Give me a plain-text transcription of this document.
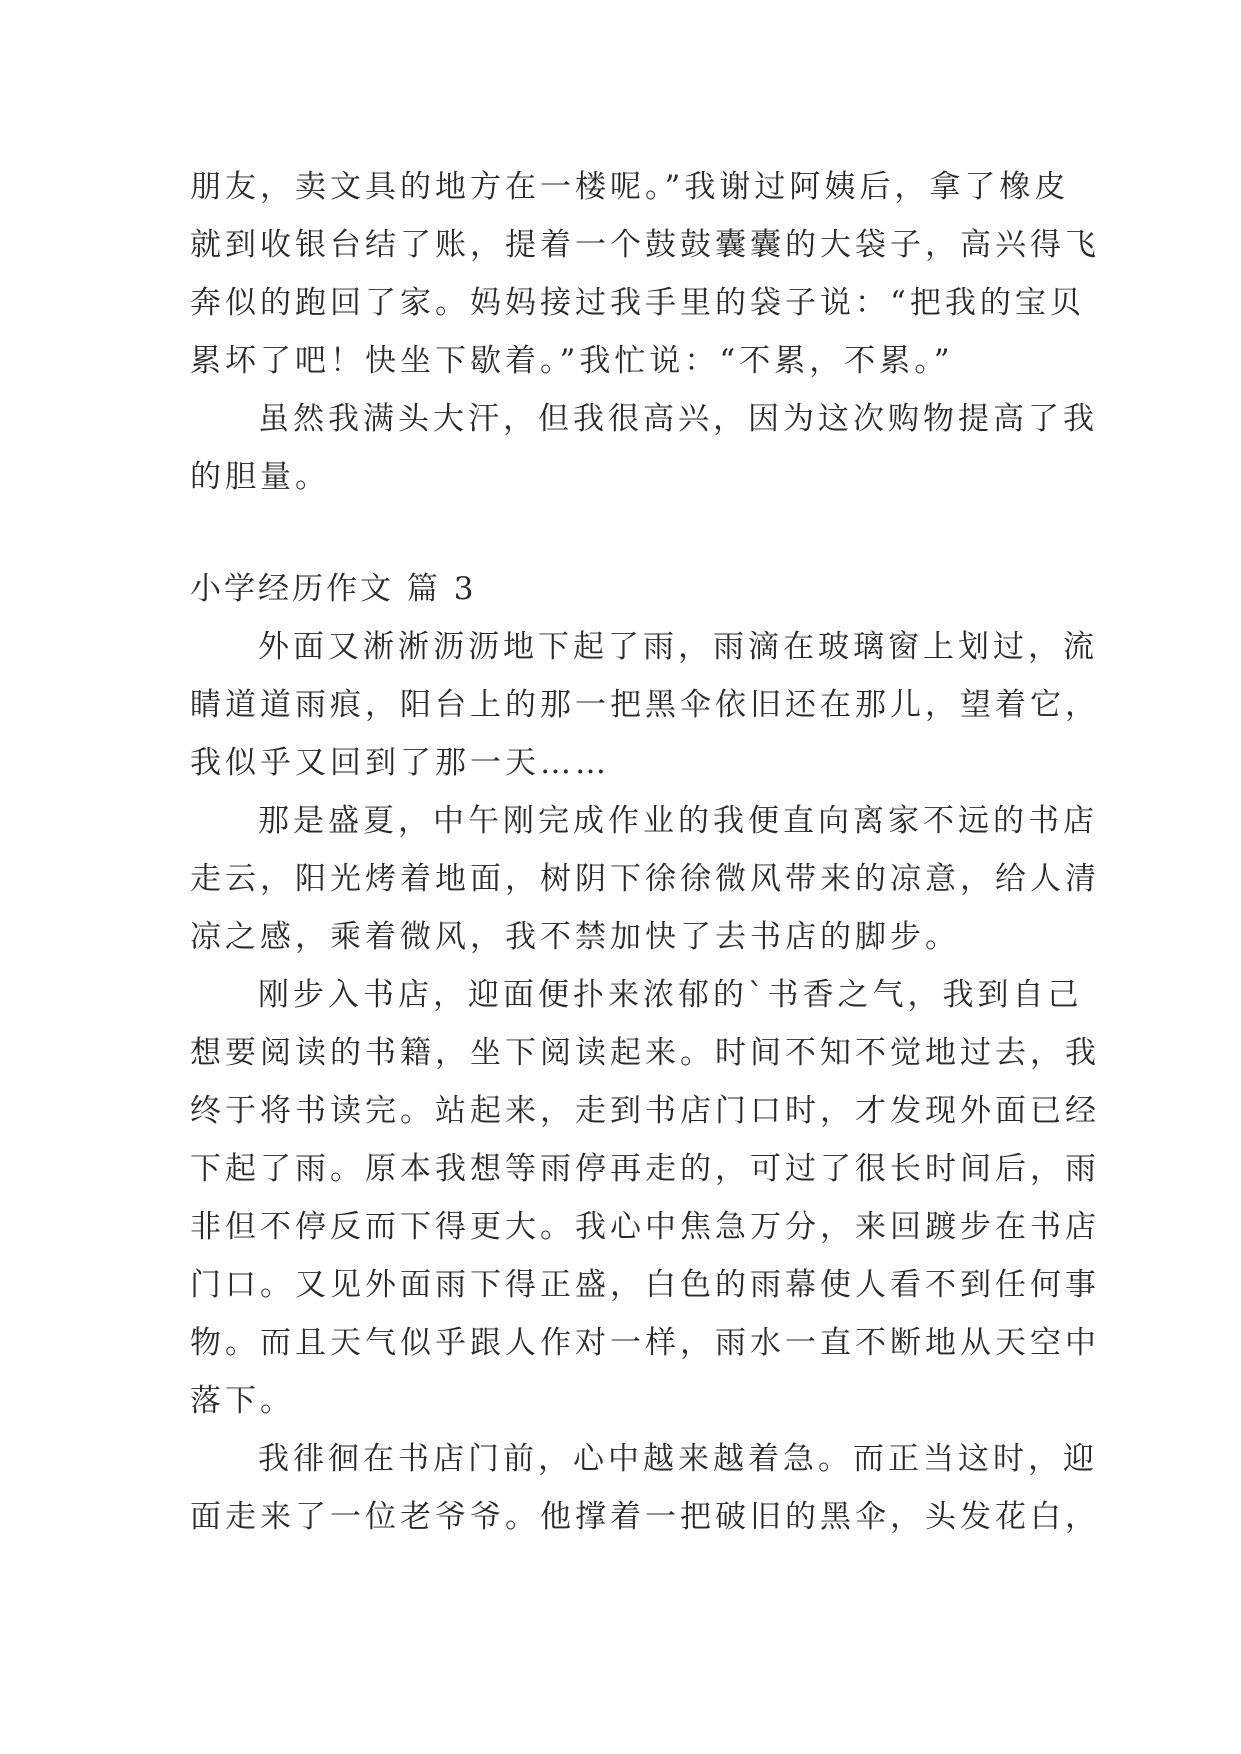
朋友，卖文具的地方在一楼呢。”我谢过阿姨后，拿了橡皮
就到收银台结了账，提着一个鼓鼓囊囊的大袋子，高兴得飞
奔似的跑回了家。妈妈接过我手里的袋子说：“把我的宝贝
累坏了吧！快坐下歇着。”我忙说：“不累，不累。”
虽然我满头大汗，但我很高兴，因为这次购物提高了我
的胆量。
小学经历作文 篇 3
外面又淅淅沥沥地下起了雨，雨滴在玻璃窗上划过，流
睛道道雨痕，阳台上的那一把黑伞依旧还在那儿，望着它，
我似乎又回到了那一天……
那是盛夏，中午刚完成作业的我便直向离家不远的书店
走云，阳光烤着地面，树阴下徐徐微风带来的凉意，给人清
凉之感，乘着微风，我不禁加快了去书店的脚步。
刚步入书店，迎面便扑来浓郁的`书香之气，我到自己
想要阅读的书籍，坐下阅读起来。时间不知不觉地过去，我
终于将书读完。站起来，走到书店门口时，才发现外面已经
下起了雨。原本我想等雨停再走的，可过了很长时间后，雨
非但不停反而下得更大。我心中焦急万分，来回踱步在书店
门口。又见外面雨下得正盛，白色的雨幕使人看不到任何事
物。而且天气似乎跟人作对一样，雨水一直不断地从天空中
落下。
我徘徊在书店门前，心中越来越着急。而正当这时，迎
面走来了一位老爷爷。他撑着一把破旧的黑伞，头发花白，
